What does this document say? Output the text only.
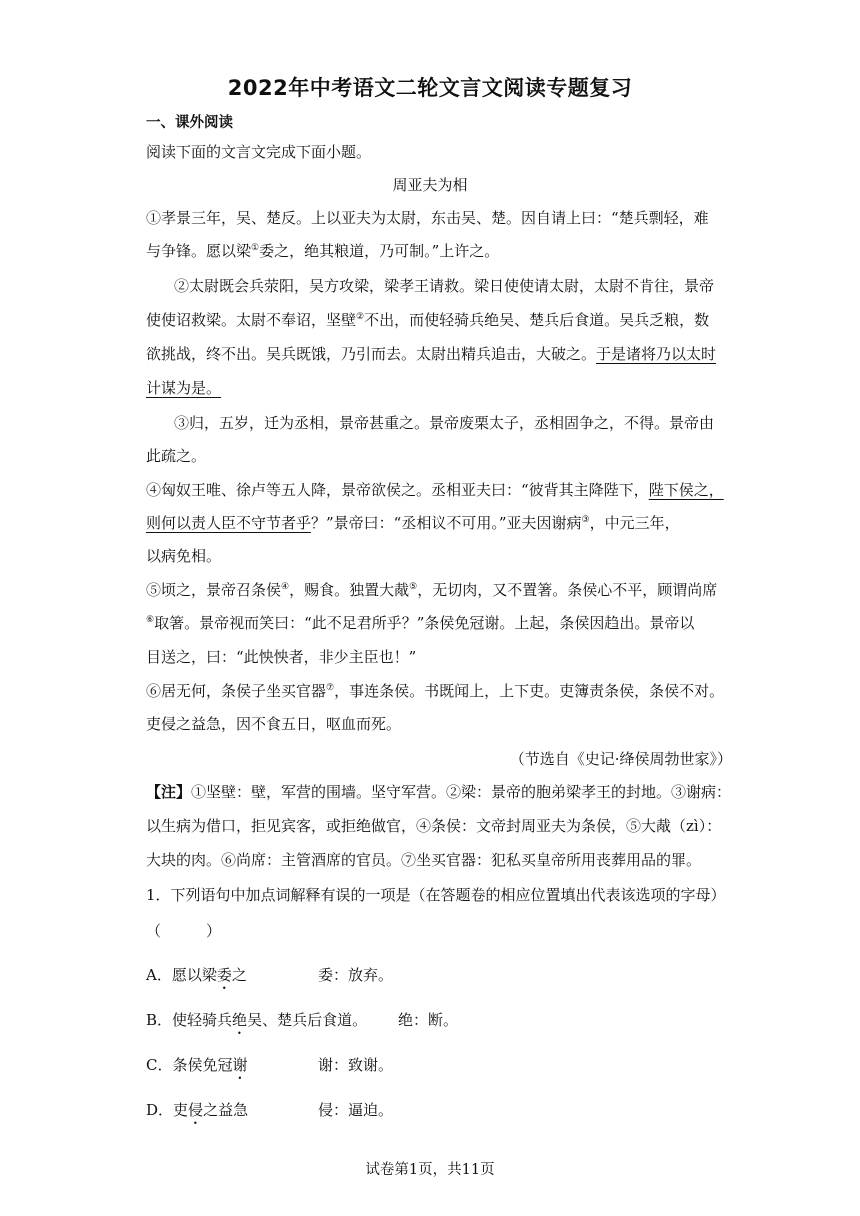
2022年中考语文二轮文言文阅读专题复习
一、课外阅读
阅读下面的文言文完成下面小题。
周亚夫为相
①孝景三年，吴、楚反。上以亚夫为太尉，东击吴、楚。因自请上曰：“楚兵剽轻，难
与争锋。愿以梁①委之，绝其粮道，乃可制。”上许之。
②太尉既会兵荥阳，吴方攻梁，梁孝王请救。梁日使使请太尉，太尉不肯往，景帝
使使诏救梁。太尉不奉诏，坚壁②不出，而使轻骑兵绝吴、楚兵后食道。吴兵乏粮，数
欲挑战，终不出。吴兵既饿，乃引而去。太尉出精兵追击，大破之。于是诸将乃以太时
计谋为是。
③归，五岁，迁为丞相，景帝甚重之。景帝废栗太子，丞相固争之，不得。景帝由
此疏之。
④匈奴王唯、徐卢等五人降，景帝欲侯之。丞相亚夫曰：“彼背其主降陛下，陛下侯之，
则何以责人臣不守节者乎？”景帝曰：“丞相议不可用。”亚夫因谢病③，中元三年，
以病免相。
⑤顷之，景帝召条侯④，赐食。独置大胾⑤，无切肉，又不置箸。条侯心不平，顾谓尚席
⑥取箸。景帝视而笑曰：“此不足君所乎？”条侯免冠谢。上起，条侯因趋出。景帝以
目送之，曰：“此怏怏者，非少主臣也！”
⑥居无何，条侯子坐买官器⑦，事连条侯。书既闻上，上下吏。吏簿责条侯，条侯不对。
吏侵之益急，因不食五日，呕血而死。
（节选自《史记·绛侯周勃世家》）
【注】①坚壁：壁，军营的围墙。坚守军营。②梁：景帝的胞弟梁孝王的封地。③谢病：
以生病为借口，拒见宾客，或拒绝做官，④条侯：文帝封周亚夫为条侯，⑤大胾（zì）：
大块的肉。⑥尚席：主管酒席的官员。⑦坐买官器：犯私买皇帝所用丧葬用品的罪。
1．下列语句中加点词解释有误的一项是（在答题卷的相应位置填出代表该选项的字母）
（　　　）
A．愿以梁委之	委：放弃。
B．使轻骑兵绝吴、楚兵后食道。 绝：断。
C．条侯免冠谢	谢：致谢。
D．吏侵之益急	侵：逼迫。
试卷第1页，共11页
